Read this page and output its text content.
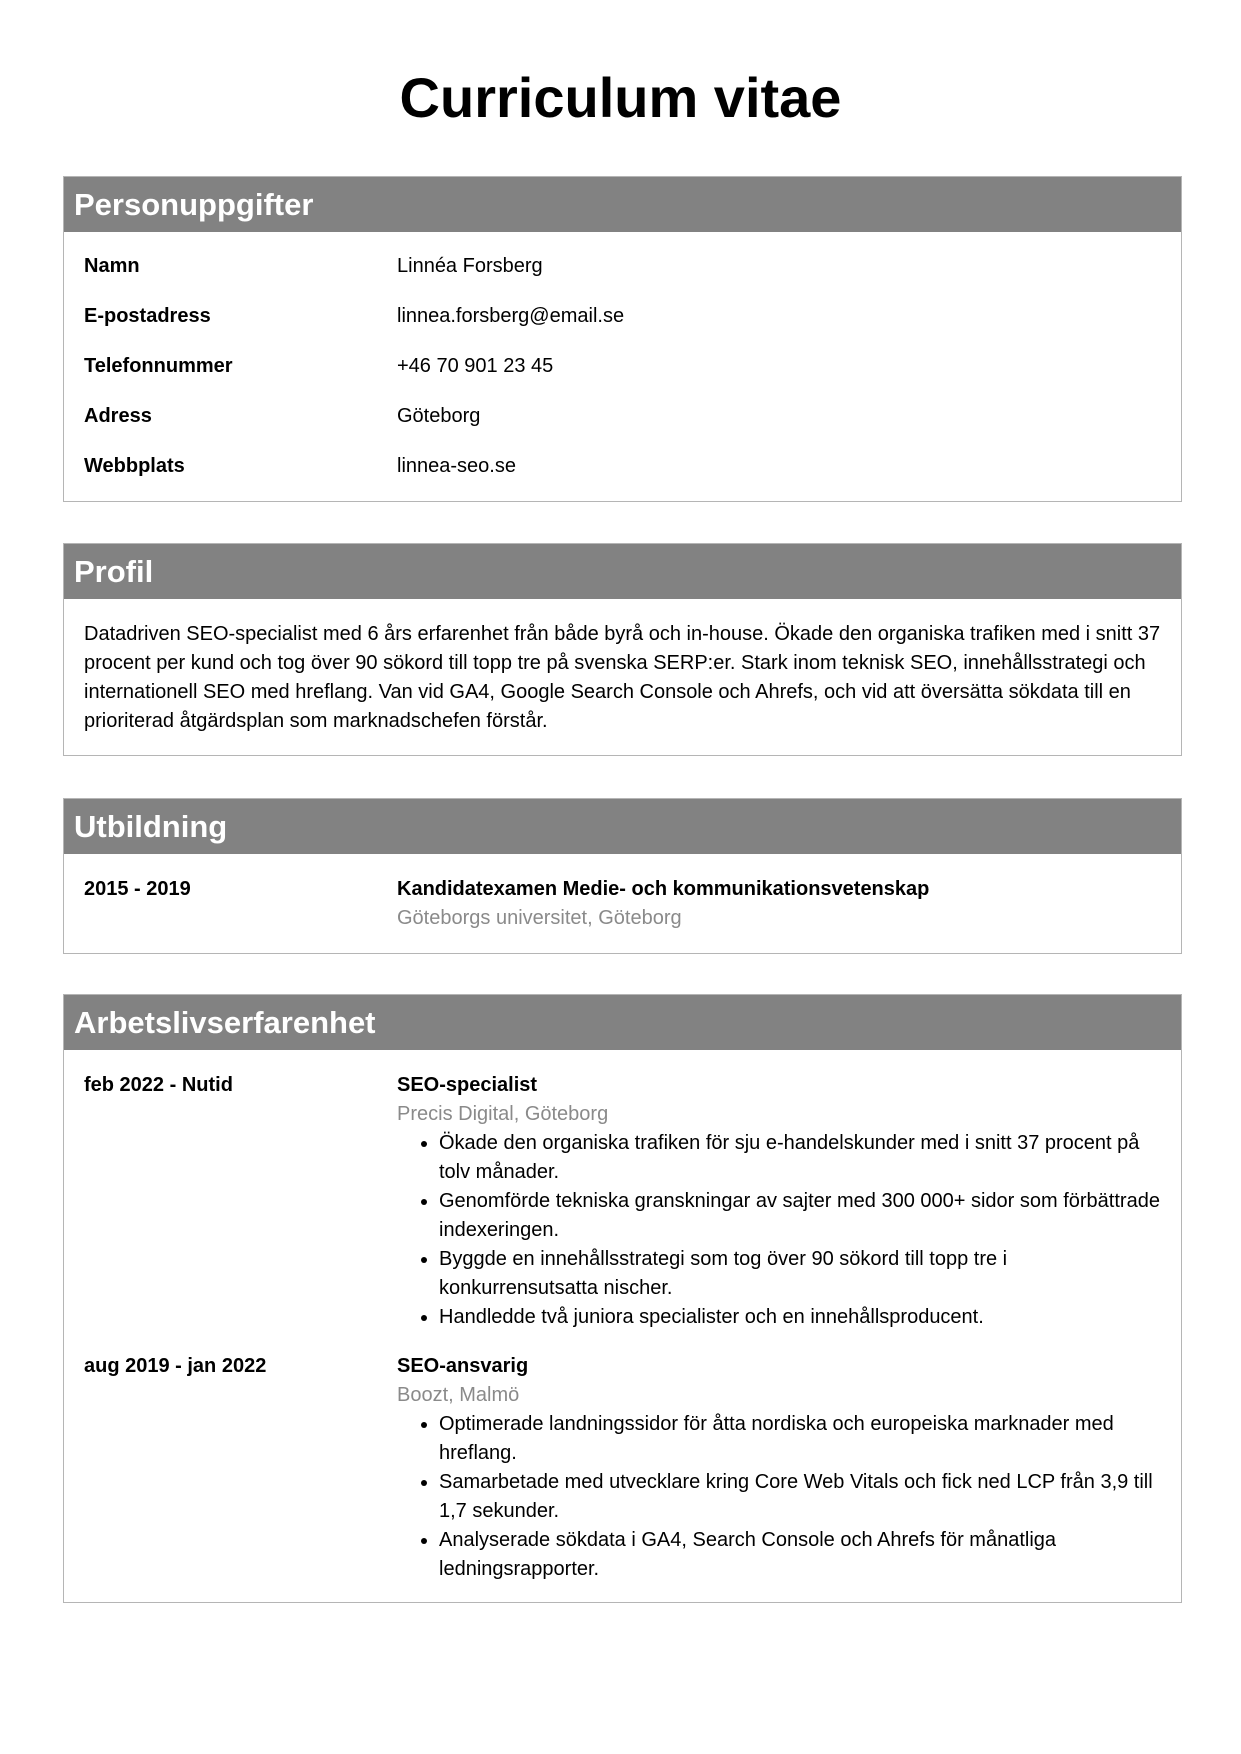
Curriculum vitae
Personuppgifter
Namn	Linnéa Forsberg
E-postadress	linnea.forsberg@email.se
Telefonnummer	+46 70 901 23 45
Adress	Göteborg
Webbplats	linnea-seo.se
Profil

Datadriven SEO-specialist med 6 års erfarenhet från både byrå och in-house. Ökade den organiska trafiken med i snitt 37 procent per kund och tog över 90 sökord till topp tre på svenska SERP:er. Stark inom teknisk SEO, innehållsstrategi och internationell SEO med hreflang. Van vid GA4, Google Search Console och Ahrefs, och vid att översätta sökdata till en prioriterad åtgärdsplan som marknadschefen förstår.

Utbildning
2015 - 2019	Kandidatexamen Medie- och kommunikationsvetenskap
Göteborgs universitet, Göteborg
Arbetslivserfarenhet
feb 2022 - Nutid	SEO-specialist
Precis Digital, Göteborg
• Ökade den organiska trafiken för sju e-handelskunder med i snitt 37 procent på tolv månader.
• Genomförde tekniska granskningar av sajter med 300 000+ sidor som förbättrade indexeringen.
• Byggde en innehållsstrategi som tog över 90 sökord till topp tre i konkurrensutsatta nischer.
• Handledde två juniora specialister och en innehållsproducent.
aug 2019 - jan 2022	SEO-ansvarig
Boozt, Malmö
• Optimerade landningssidor för åtta nordiska och europeiska marknader med hreflang.
• Samarbetade med utvecklare kring Core Web Vitals och fick ned LCP från 3,9 till 1,7 sekunder.
• Analyserade sökdata i GA4, Search Console och Ahrefs för månatliga ledningsrapporter.
